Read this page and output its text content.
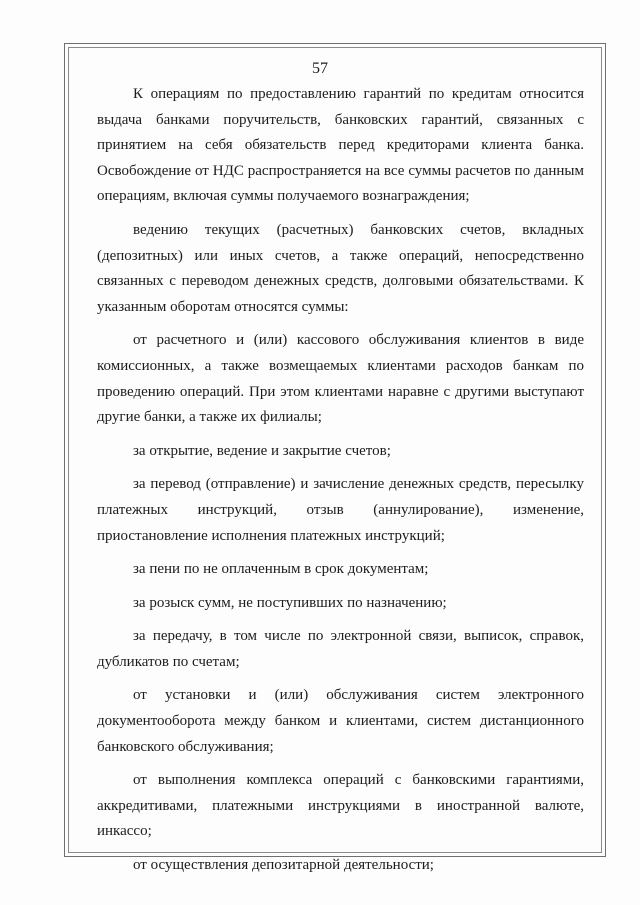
57

К операциям по предоставлению гарантий по кредитам относится выдача банками поручительств, банковских гарантий, связанных с принятием на себя обязательств перед кредиторами клиента банка. Освобождение от НДС распространяется на все суммы расчетов по данным операциям, включая суммы получаемого вознаграждения;

ведению текущих (расчетных) банковских счетов, вкладных (депозитных) или иных счетов, а также операций, непосредственно связанных с переводом денежных средств, долговыми обязательствами. К указанным оборотам относятся суммы:

от расчетного и (или) кассового обслуживания клиентов в виде комиссионных, а также возмещаемых клиентами расходов банкам по проведению операций. При этом клиентами наравне с другими выступают другие банки, а также их филиалы;

за открытие, ведение и закрытие счетов;

за перевод (отправление) и зачисление денежных средств, пересылку платежных инструкций, отзыв (аннулирование), изменение, приостановление исполнения платежных инструкций;

за пени по не оплаченным в срок документам;

за розыск сумм, не поступивших по назначению;

за передачу, в том числе по электронной связи, выписок, справок, дубликатов по счетам;

от установки и (или) обслуживания систем электронного документооборота между банком и клиентами, систем дистанционного банковского обслуживания;

от выполнения комплекса операций с банковскими гарантиями, аккредитивами, платежными инструкциями в иностранной валюте, инкассо;

от осуществления депозитарной деятельности;
